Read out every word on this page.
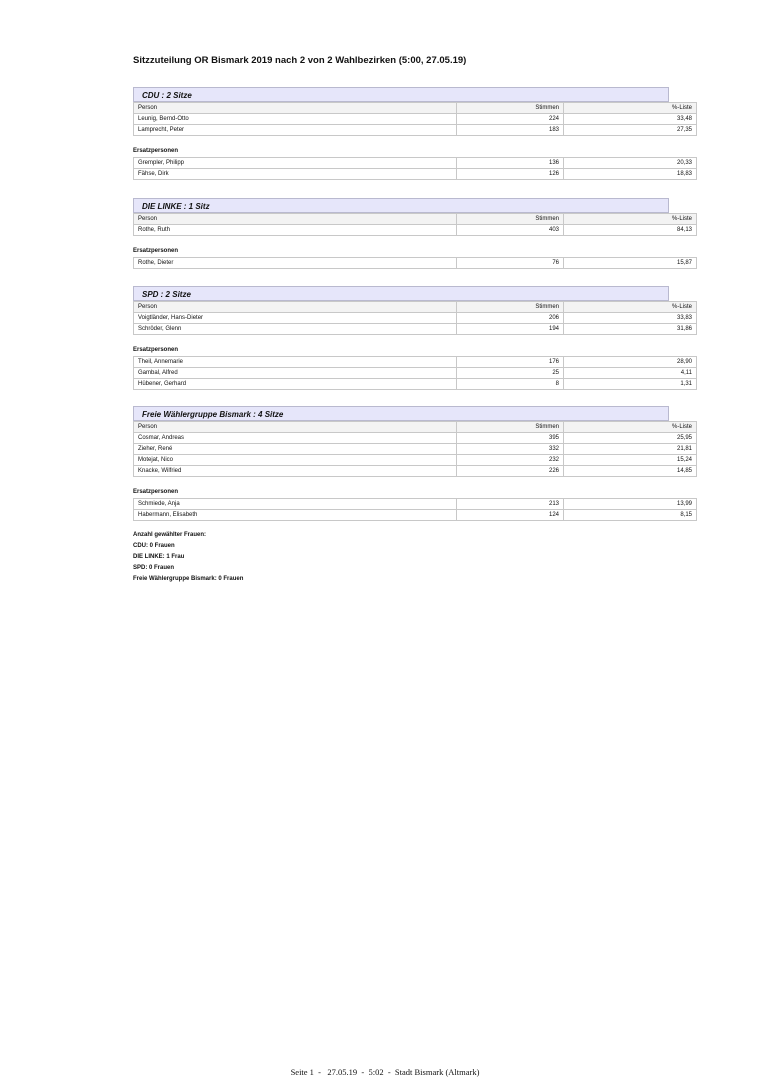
Sitzzuteilung OR Bismark 2019 nach 2 von 2 Wahlbezirken (5:00, 27.05.19)
CDU : 2 Sitze
Person	Stimmen	%-Liste
Leunig, Bernd-Otto	224	33,48
Lamprecht, Peter	183	27,35
Ersatzpersonen
Grempler, Philipp	136	20,33
Fähse, Dirk	126	18,83
DIE LINKE : 1 Sitz
Person	Stimmen	%-Liste
Rothe, Ruth	403	84,13
Ersatzpersonen
Rothe, Dieter	76	15,87
SPD : 2 Sitze
Person	Stimmen	%-Liste
Voigtländer, Hans-Dieter	206	33,83
Schröder, Glenn	194	31,86
Ersatzpersonen
Theil, Annemarie	176	28,90
Gambal, Alfred	25	4,11
Hübener, Gerhard	8	1,31
Freie Wählergruppe Bismark : 4 Sitze
Person	Stimmen	%-Liste
Cosmar, Andreas	395	25,95
Zieher, René	332	21,81
Motejat, Nico	232	15,24
Knacke, Wilfried	226	14,85
Ersatzpersonen
Schmiede, Anja	213	13,99
Habermann, Elisabeth	124	8,15
Anzahl gewählter Frauen:
CDU: 0 Frauen
DIE LINKE: 1 Frau
SPD: 0 Frauen
Freie Wählergruppe Bismark: 0 Frauen
Seite 1  -   27.05.19  -  5:02  -  Stadt Bismark (Altmark)
